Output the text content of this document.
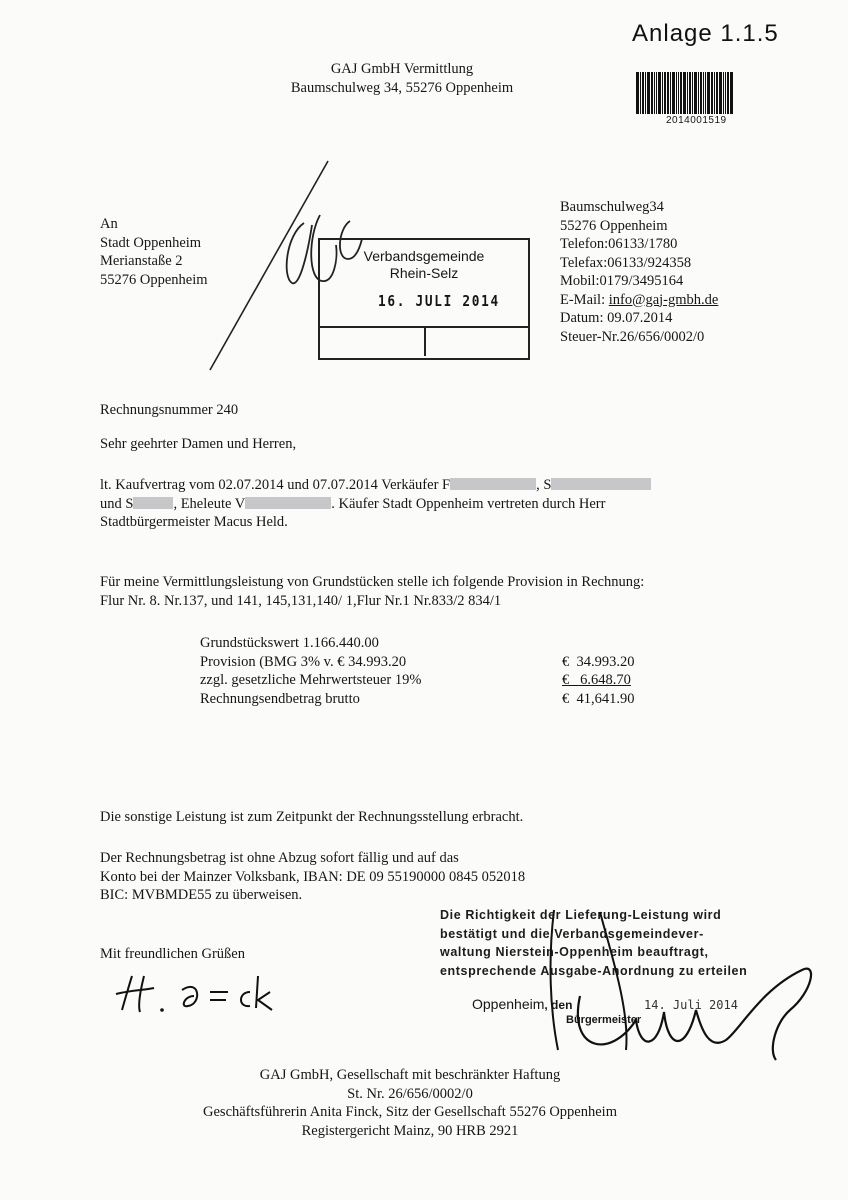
Anlage 1.1.5
2014001519
GAJ GmbH Vermittlung
Baumschulweg 34, 55276 Oppenheim
An
Stadt Oppenheim
Merianstaße 2
55276 Oppenheim
Verbandsgemeinde
Rhein-Selz
16. JULI 2014
Baumschulweg34
55276 Oppenheim
Telefon:06133/1780
Telefax:06133/924358
Mobil:0179/3495164
E-Mail: info@gaj-gmbh.de
Datum: 09.07.2014
Steuer-Nr.26/656/0002/0
Rechnungsnummer 240
Sehr geehrter Damen und Herren,
lt. Kaufvertrag vom 02.07.2014 und 07.07.2014 Verkäufer F	, S
und S	, Eheleute V	. Käufer Stadt Oppenheim vertreten durch Herr
Stadtbürgermeister Macus Held.
Für meine Vermittlungsleistung von Grundstücken stelle ich folgende Provision in Rechnung:
Flur Nr. 8. Nr.137, und 141, 145,131,140/ 1,Flur Nr.1 Nr.833/2 834/1
Grundstückswert 1.166.440.00
Provision (BMG 3% v. € 34.993.20	€  34.993.20
zzgl. gesetzliche Mehrwertsteuer 19%	€   6.648.70
Rechnungsendbetrag brutto	€  41,641.90
Die sonstige Leistung ist zum Zeitpunkt der Rechnungsstellung erbracht.
Der Rechnungsbetrag ist ohne Abzug sofort fällig und auf das
Konto bei der Mainzer Volksbank, IBAN: DE 09 55190000 0845 052018
BIC: MVBMDE55 zu überweisen.
Mit freundlichen Grüßen
Die Richtigkeit der Lieferung-Leistung wird
bestätigt und die Verbandsgemeindever-
waltung Nierstein-Oppenheim beauftragt,
entsprechende Ausgabe-Anordnung zu erteilen
Oppenheim, den	14. Juli 2014
Bürgermeister
GAJ GmbH, Gesellschaft mit beschränkter Haftung
St. Nr. 26/656/0002/0
Geschäftsführerin Anita Finck, Sitz der Gesellschaft 55276 Oppenheim
Registergericht Mainz, 90 HRB 2921
